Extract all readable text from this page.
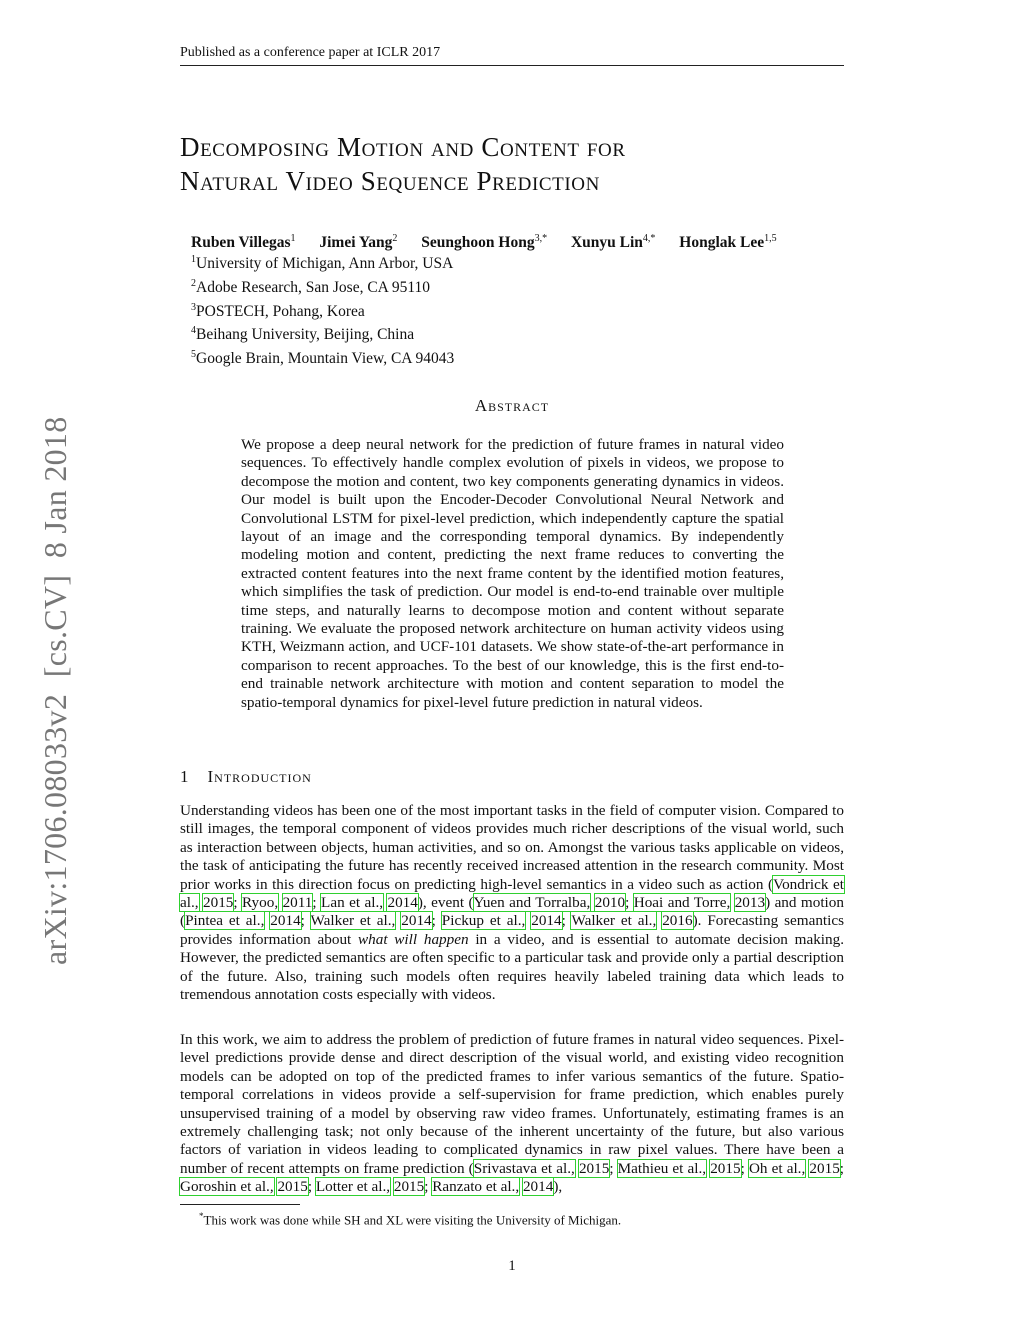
Published as a conference paper at ICLR 2017
arXiv:1706.08033v2  [cs.CV]  8 Jan 2018
Decomposing Motion and Content for
Natural Video Sequence Prediction
Ruben Villegas$^1$ Jimei Yang$^2$ Seunghoon Hong$^{3,*}$ Xunyu Lin$^{4,*}$ Honglak Lee$^{1,5}$
$^1$University of Michigan, Ann Arbor, USA
$^2$Adobe Research, San Jose, CA 95110
$^3$POSTECH, Pohang, Korea
$^4$Beihang University, Beijing, China
$^5$Google Brain, Mountain View, CA 94043
Abstract
We propose a deep neural network for the prediction of future frames in natural video sequences. To effectively handle complex evolution of pixels in videos, we propose to decompose the motion and content, two key components generating dynamics in videos. Our model is built upon the Encoder-Decoder Convolutional Neural Network and Convolutional LSTM for pixel-level prediction, which independently capture the spatial layout of an image and the corresponding temporal dynamics. By independently modeling motion and content, predicting the next frame reduces to converting the extracted content features into the next frame content by the identified motion features, which simplifies the task of prediction. Our model is end-to-end trainable over multiple time steps, and naturally learns to decompose motion and content without separate training. We evaluate the proposed network architecture on human activity videos using KTH, Weizmann action, and UCF-101 datasets. We show state-of-the-art performance in comparison to recent approaches. To the best of our knowledge, this is the first end-to-end trainable network architecture with motion and content separation to model the spatio-temporal dynamics for pixel-level future prediction in natural videos.
1 Introduction
Understanding videos has been one of the most important tasks in the field of computer vision. Compared to still images, the temporal component of videos provides much richer descriptions of the visual world, such as interaction between objects, human activities, and so on. Amongst the various tasks applicable on videos, the task of anticipating the future has recently received increased attention in the research community. Most prior works in this direction focus on predicting high-level semantics in a video such as action (Vondrick et al., 2015; Ryoo, 2011; Lan et al., 2014), event (Yuen and Torralba, 2010; Hoai and Torre, 2013) and motion (Pintea et al., 2014; Walker et al., 2014; Pickup et al., 2014; Walker et al., 2016). Forecasting semantics provides information about what will happen in a video, and is essential to automate decision making. However, the predicted semantics are often specific to a particular task and provide only a partial description of the future. Also, training such models often requires heavily labeled training data which leads to tremendous annotation costs especially with videos.
In this work, we aim to address the problem of prediction of future frames in natural video sequences. Pixel-level predictions provide dense and direct description of the visual world, and existing video recognition models can be adopted on top of the predicted frames to infer various semantics of the future. Spatio-temporal correlations in videos provide a self-supervision for frame prediction, which enables purely unsupervised training of a model by observing raw video frames. Unfortunately, estimating frames is an extremely challenging task; not only because of the inherent uncertainty of the future, but also various factors of variation in videos leading to complicated dynamics in raw pixel values. There have been a number of recent attempts on frame prediction (Srivastava et al., 2015; Mathieu et al., 2015; Oh et al., 2015; Goroshin et al., 2015; Lotter et al., 2015; Ranzato et al., 2014),
*This work was done while SH and XL were visiting the University of Michigan.
1
